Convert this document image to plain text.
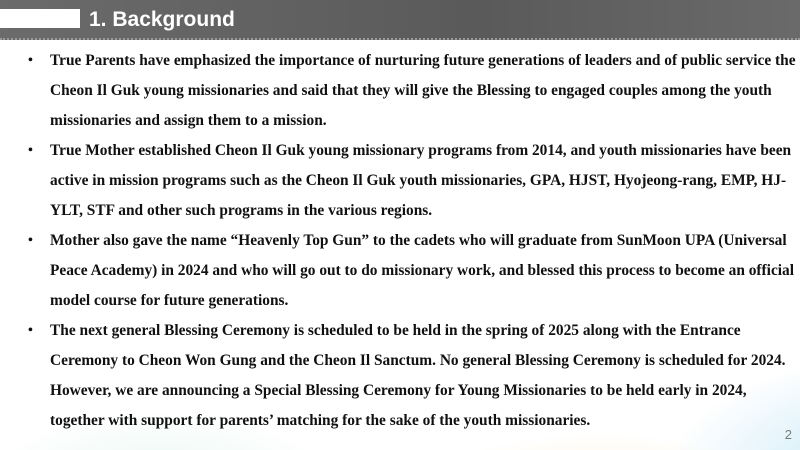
1. Background

• True Parents have emphasized the importance of nurturing future generations of leaders and of public service the Cheon Il Guk young missionaries and said that they will give the Blessing to engaged couples among the youth missionaries and assign them to a mission.

• True Mother established Cheon Il Guk young missionary programs from 2014, and youth missionaries have been active in mission programs such as the Cheon Il Guk youth missionaries, GPA, HJST, Hyojeong-rang, EMP, HJ-YLT, STF and other such programs in the various regions.

• Mother also gave the name “Heavenly Top Gun” to the cadets who will graduate from SunMoon UPA (Universal Peace Academy) in 2024 and who will go out to do missionary work, and blessed this process to become an official model course for future generations.

• The next general Blessing Ceremony is scheduled to be held in the spring of 2025 along with the Entrance Ceremony to Cheon Won Gung and the Cheon Il Sanctum. No general Blessing Ceremony is scheduled for 2024. However, we are announcing a Special Blessing Ceremony for Young Missionaries to be held early in 2024, together with support for parents’ matching for the sake of the youth missionaries.

2
